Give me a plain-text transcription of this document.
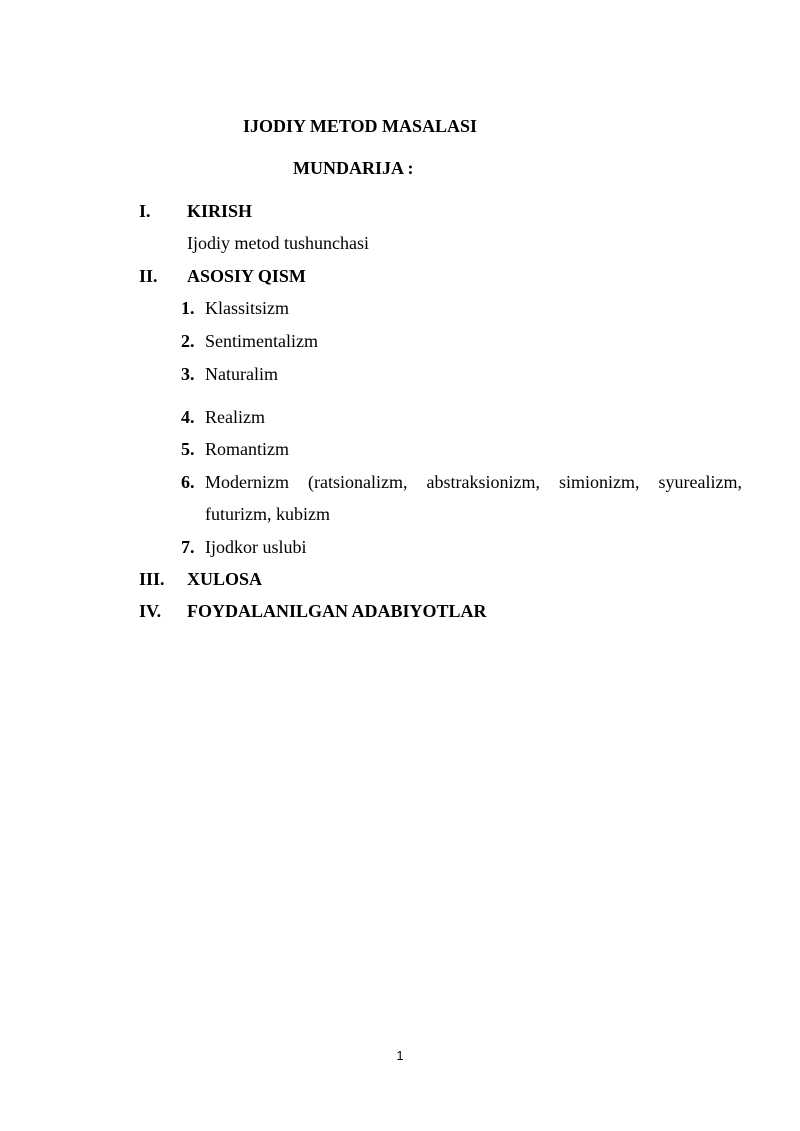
IJODIY METOD MASALASI
MUNDARIJA :
I. KIRISH
Ijodiy metod tushunchasi
II. ASOSIY QISM
1. Klassitsizm
2. Sentimentalizm
3. Naturalim
4. Realizm
5. Romantizm
6. Modernizm (ratsionalizm, abstraksionizm, simionizm, syurealizm,
futurizm, kubizm
7. Ijodkor uslubi
III. XULOSA
IV. FOYDALANILGAN ADABIYOTLAR
1
